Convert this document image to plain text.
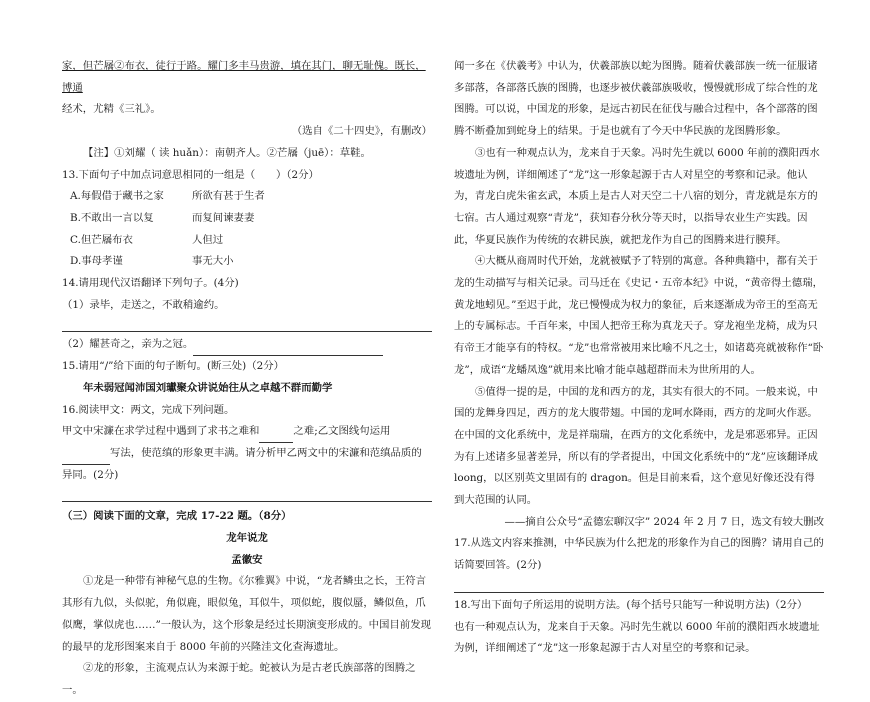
家，但芒屩②布衣，徒行于路。耀门多丰马贵游，填在其门，聊无耻傀。既长，博通

经术，尤精《三礼》。

（选自《二十四史》，有删改）

【注】①刘耀（ 读 huǎn）：南朝齐人。②芒屩（juē）：草鞋。

13.下面句子中加点词意思相同的一组是（　　）（2分）

A.每假借于藏书之家	所欲有甚于生者
B.不敢出一言以复	而复间谏妻妻
C.但芒屩布衣	人但过
D.事母孝谨	事无大小

14.请用现代汉语翻译下列句子。(4分)

（1）录毕，走送之，不敢稍逾约。

（2）耀甚奇之，亲为之冠。

15.请用“/”给下面的句子断句。(断三处)（2分）

年未弱冠闻沛国刘瓛聚众讲说始往从之卓越不群而勤学

16.阅读甲文：两文，完成下列问题。

甲文中宋濂在求学过程中遇到了求书之难和	之难;乙文图线句运用

写法，使范缜的形象更丰满。请分析甲乙两文中的宋濂和范缜品质的

异同。(2分)

（三）阅读下面的文章，完成 17-22 题。（8分）

龙年说龙

孟徽安

①龙是一种带有神秘气息的生物。《尔雅翼》中说，“龙者鳞虫之长，王符言其形有九似，头似驼，角似鹿，眼似兔，耳似牛，项似蛇，腹似蜃，鳞似鱼，爪似鹰，掌似虎也……”一般认为，这个形象是经过长期演变形成的。中国目前发现的最早的龙形图案来自于 8000 年前的兴隆洼文化查海遗址。

②龙的形象，主流观点认为来源于蛇。蛇被认为是古老氏族部落的图腾之一。

闻一多在《伏羲考》中认为，伏羲部族以蛇为图腾。随着伏羲部族一统一征服诸多部落，各部落氏族的图腾，也逐步被伏羲部族吸收，慢慢就形成了综合性的龙图腾。可以说，中国龙的形象，是远古初民在征伐与融合过程中，各个部落的图腾不断叠加到蛇身上的结果。于是也就有了今天中华民族的龙图腾形象。

③也有一种观点认为，龙来自于天象。冯时先生就以 6000 年前的濮阳西水坡遗址为例，详细阐述了“龙”这一形象起源于古人对星空的考察和记录。他认为，青龙白虎朱雀玄武，本质上是古人对天空二十八宿的划分，青龙就是东方的七宿。古人通过观察“青龙”，获知春分秋分等天时，以指导农业生产实践。因此，华夏民族作为传统的农耕民族，就把龙作为自己的图腾来进行膜拜。

④大概从商周时代开始，龙就被赋予了特别的寓意。各种典籍中，都有关于龙的生动描写与相关记录。司马迁在《史记・五帝本纪》中说，“黄帝得土德瑞，黄龙地蚓见。”至迟于此，龙已慢慢成为权力的象征，后来逐渐成为帝王的至高无上的专属标志。千百年来，中国人把帝王称为真龙天子。穿龙袍坐龙椅，成为只有帝王才能享有的特权。“龙”也常常被用来比喻不凡之士，如诸葛亮就被称作“卧龙”，成语“龙蟠凤逸”就用来比喻才能卓越超群而未为世所用的人。

⑤值得一提的是，中国的龙和西方的龙，其实有很大的不同。一般来说，中国的龙舞身四足，西方的龙大腹带翅。中国的龙呵水降雨，西方的龙呵火作恶。在中国的文化系统中，龙是祥瑞瑞，在西方的文化系统中，龙是邪恶邪异。正因为有上述诸多显著差异，所以有的学者提出，中国文化系统中的“龙”应该翻译成 loong，以区别英文里固有的 dragon。但是目前来看，这个意见好像还没有得到大范围的认同。

——摘自公众号“孟德宏聊汉字” 2024 年 2 月 7 日，选文有较大删改

17.从选文内容来推测，中华民族为什么把龙的形象作为自己的图腾？请用自己的话简要回答。(2分)

18.写出下面句子所运用的说明方法。(每个括号只能写一种说明方法)（2分）

也有一种观点认为，龙来自于天象。冯时先生就以 6000 年前的濮阳西水坡遗址为例，详细阐述了“龙”这一形象起源于古人对星空的考察和记录。
